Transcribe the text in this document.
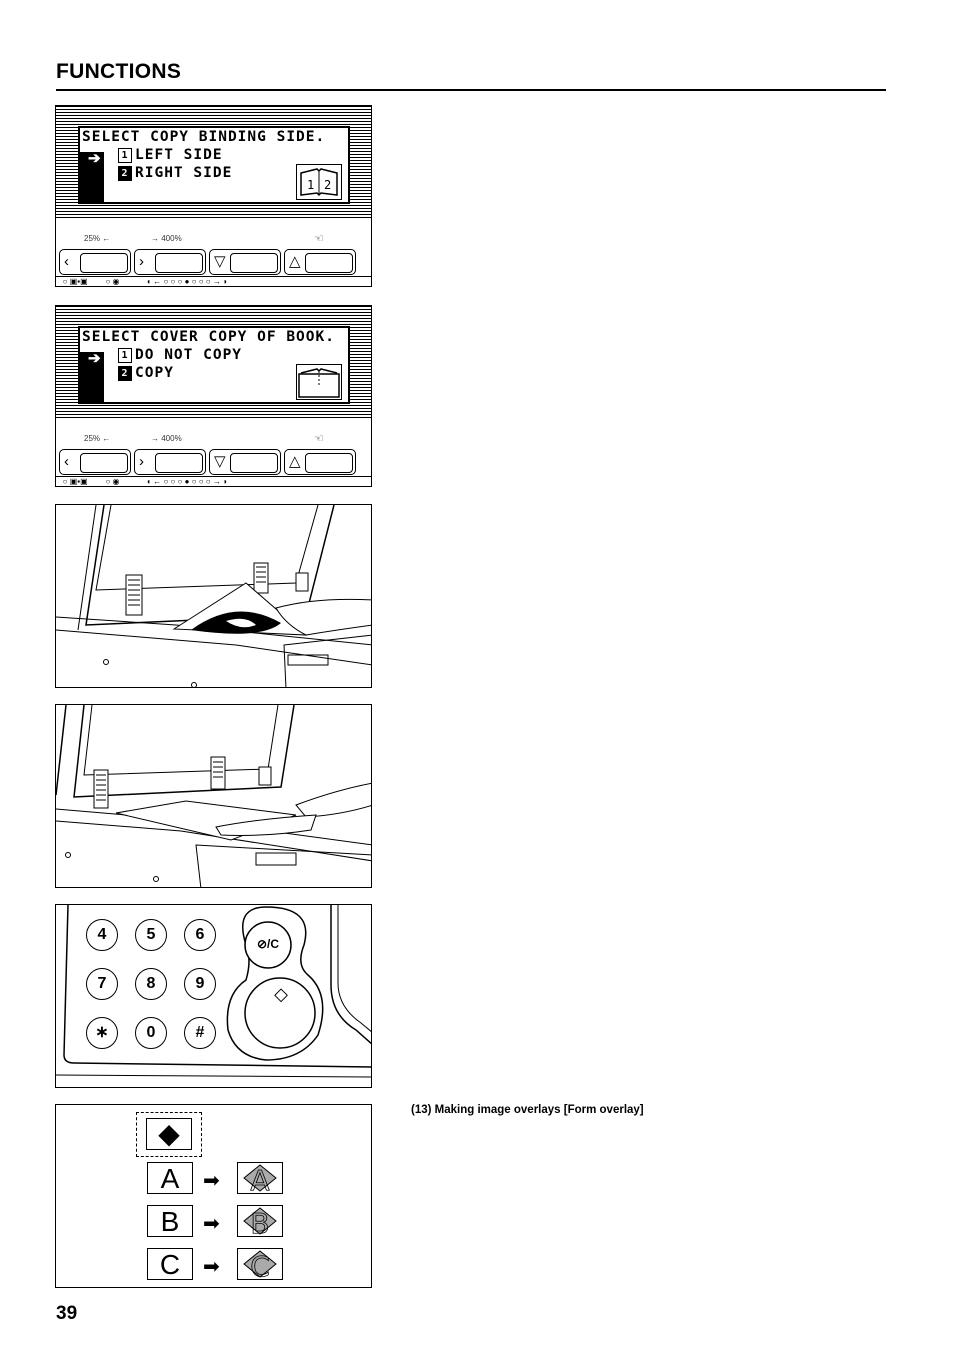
FUNCTIONS
SELECT COPY BINDING SIDE.
➔	1 LEFT SIDE
2 RIGHT SIDE
1 2
25% ←	→ 400%	☜
‹	›	▽	△
○ ▣▪▣        ○ ◉            ◖ ← ○ ○ ○ ● ○ ○ ○ → ◗
SELECT COVER COPY OF BOOK.
➔	1 DO NOT COPY
2 COPY
25% ←	→ 400%	☜
‹	›	▽	△
○ ▣▪▣        ○ ◉            ◖ ← ○ ○ ○ ● ○ ○ ○ → ◗
4	5	6
7	8	9
∗	0	#
⊘/C
◇
◆
A	➡ A
B	➡ B
C	➡ C
(13) Making image overlays [Form overlay]
39
